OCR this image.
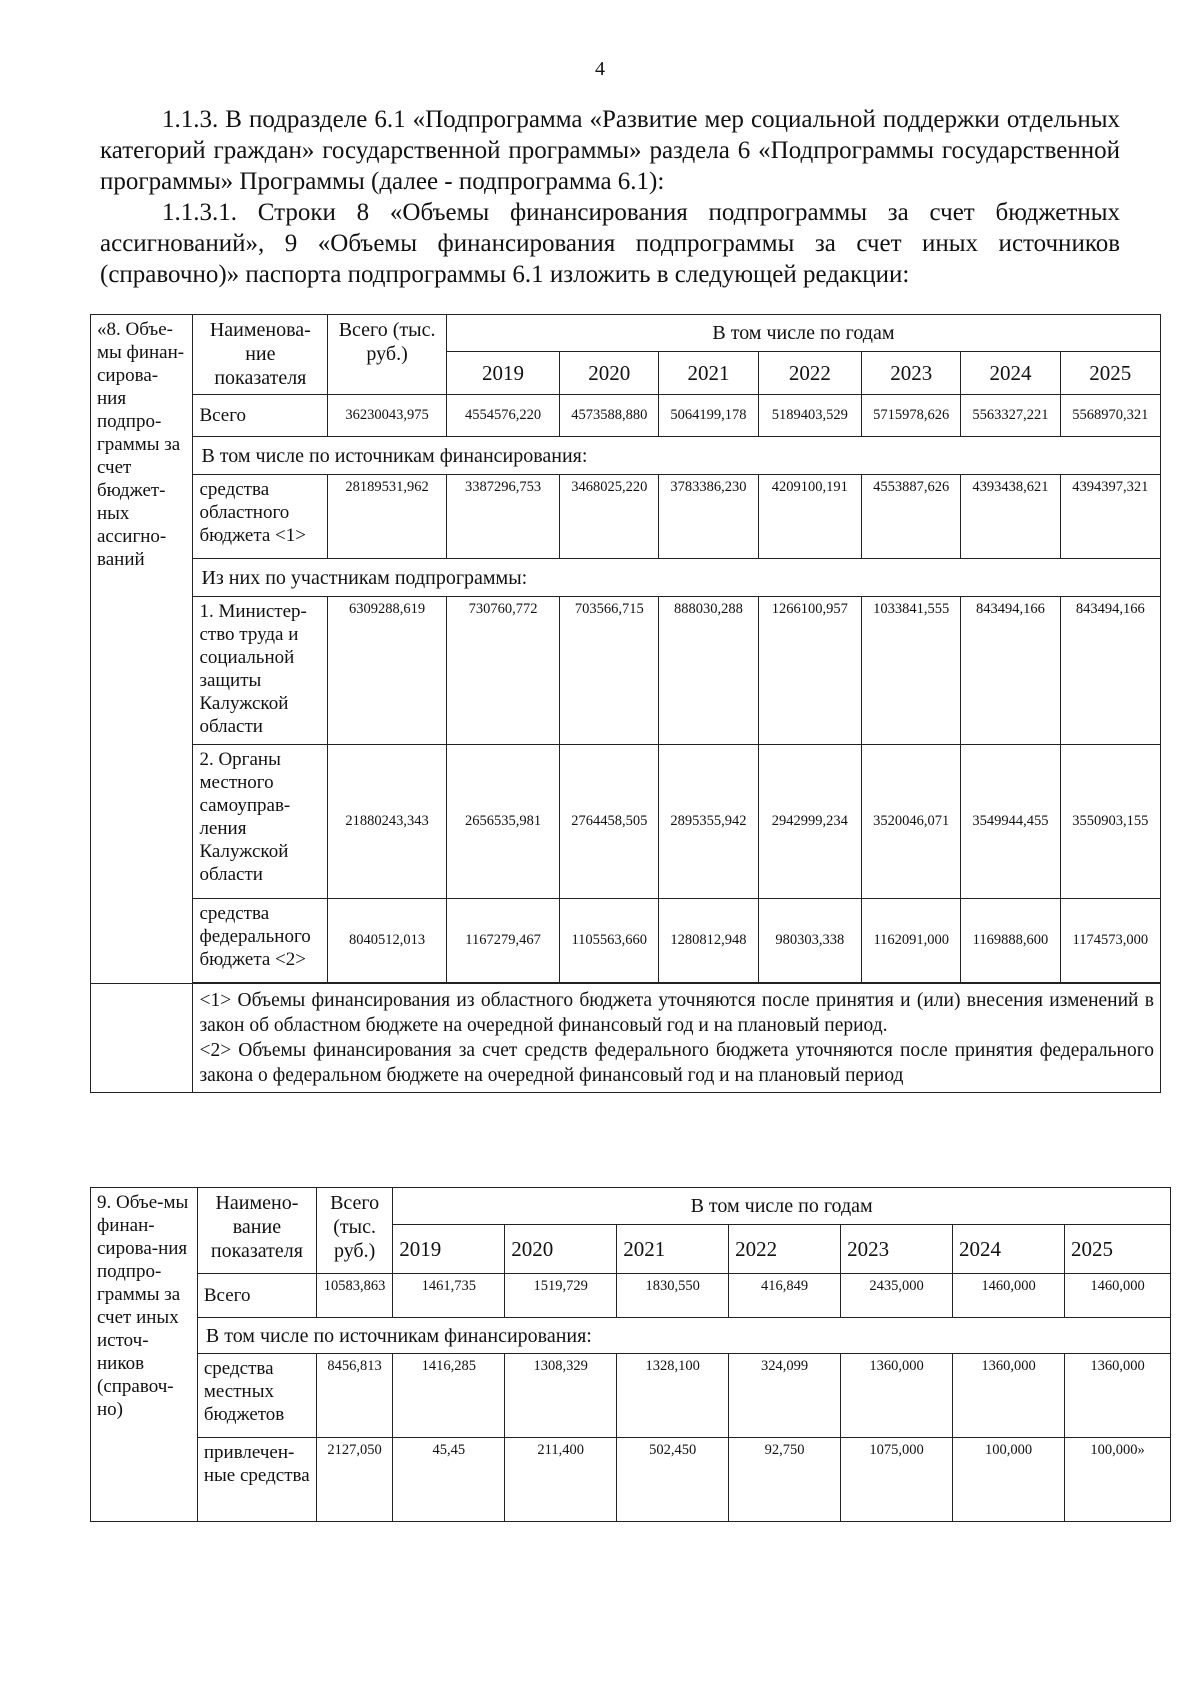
4

1.1.3. В подразделе 6.1 «Подпрограмма «Развитие мер социальной поддержки отдельных категорий граждан» государственной программы» раздела 6 «Подпрограммы государственной программы» Программы (далее - подпрограмма 6.1):

1.1.3.1. Строки 8 «Объемы финансирования подпрограммы за счет бюджетных ассигнований», 9 «Объемы финансирования подпрограммы за счет иных источников (справочно)» паспорта подпрограммы 6.1 изложить в следующей редакции:

«8. Объе-мы финан-сирова-ния подпро-граммы за счет бюджет-ных ассигно-ваний	Наименова-ние показателя	Всего (тыс. руб.)	В том числе по годам						
			2019	2020	2021	2022	2023	2024	2025
	Всего	36230043,975	4554576,220	4573588,880	5064199,178	5189403,529	5715978,626	5563327,221	5568970,321
	В том числе по источникам финансирования:								
	средства областного бюджета <1>	28189531,962	3387296,753	3468025,220	3783386,230	4209100,191	4553887,626	4393438,621	4394397,321
	Из них по участникам подпрограммы:								
	1. Министер-ство труда и социальной защиты Калужской области	6309288,619	730760,772	703566,715	888030,288	1266100,957	1033841,555	843494,166	843494,166
	2. Органы местного самоуправ-ления Калужской области	21880243,343	2656535,981	2764458,505	2895355,942	2942999,234	3520046,071	3549944,455	3550903,155
	средства федерального бюджета <2>	8040512,013	1167279,467	1105563,660	1280812,948	980303,338	1162091,000	1169888,600	1174573,000

	<1> Объемы финансирования из областного бюджета уточняются после принятия и (или) внесения изменений в закон об областном бюджете на очередной финансовый год и на плановый период.
<2> Объемы финансирования за счет средств федерального бюджета уточняются после принятия федерального закона о федеральном бюджете на очередной финансовый год и на плановый период								
9. Объе-мы финан-сирова-ния подпро-граммы за счет иных источ-ников (справоч-но)	Наимено-вание показателя	Всего (тыс. руб.)	В том числе по годам						
			2019	2020	2021	2022	2023	2024	2025
	Всего	10583,863	1461,735	1519,729	1830,550	416,849	2435,000	1460,000	1460,000
	В том числе по источникам финансирования:								
	средства местных бюджетов	8456,813	1416,285	1308,329	1328,100	324,099	1360,000	1360,000	1360,000
	привлечен-ные средства	2127,050	45,45	211,400	502,450	92,750	1075,000	100,000	100,000»
